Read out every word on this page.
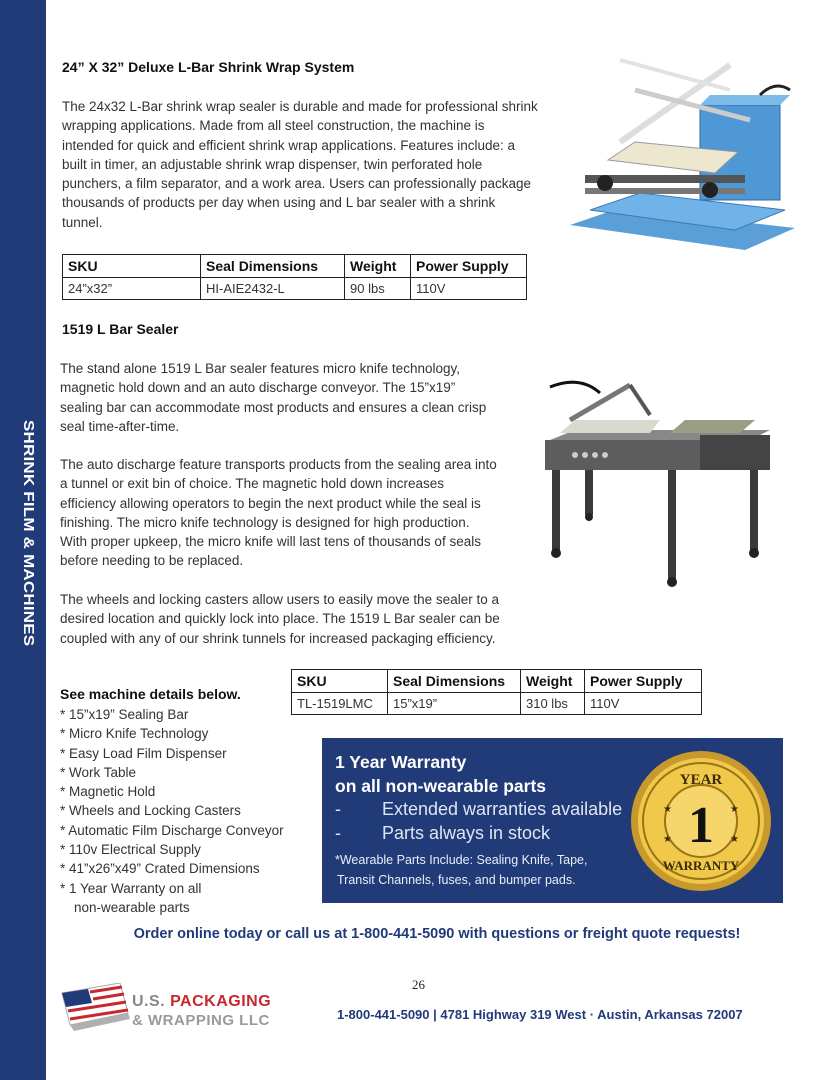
SHRINK FILM & MACHINES
24” X 32” Deluxe L-Bar Shrink Wrap System

The 24x32 L-Bar shrink wrap sealer is durable and made for professional shrink wrapping applications. Made from all steel construction, the machine is intended for quick and efficient shrink wrap applications. Features include: a built in timer, an adjustable shrink wrap dispenser, twin perforated hole punchers, a film separator, and a work area. Users can professionally package thousands of products per day when using and L bar sealer with a shrink tunnel.

SKU	Seal Dimensions	Weight	Power Supply
24”x32”	HI-AIE2432-L	90 lbs	110V
1519 L Bar Sealer

The stand alone 1519 L Bar sealer features micro knife technology, magnetic hold down and an auto discharge conveyor. The 15”x19” sealing bar can accommodate most products and ensures a clean crisp seal time-after-time.

The auto discharge feature transports products from the sealing area into a tunnel or exit bin of choice. The magnetic hold down increases efficiency allowing operators to begin the next product while the seal is finishing. The micro knife technology is designed for high production. With proper upkeep, the micro knife will last tens of thousands of seals before needing to be replaced.

The wheels and locking casters allow users to easily move the sealer to a desired location and quickly lock into place. The 1519 L Bar sealer can be coupled with any of our shrink tunnels for increased packaging efficiency.

SKU	Seal Dimensions	Weight	Power Supply
TL-1519LMC	15”x19”	310 lbs	110V
See machine details below.
* 15”x19” Sealing Bar
* Micro Knife Technology
* Easy Load Film Dispenser
* Work Table
* Magnetic Hold
* Wheels and Locking Casters
* Automatic Film Discharge Conveyor
* 110v Electrical Supply
* 41”x26”x49” Crated Dimensions
* 1 Year Warranty on all
non-wearable parts
1 Year Warranty
on all non-wearable parts
- Extended warranties available
- Parts always in stock
*Wearable Parts Include: Sealing Knife, Tape,
Transit Channels, fuses, and bumper pads.
YEAR
1
WARRANTY
★	★
★	★
Order online today or call us at 1-800-441-5090 with questions or freight quote requests!
26
U.S. PACKAGING
& WRAPPING LLC	1-800-441-5090 | 4781 Highway 319 West · Austin, Arkansas 72007
